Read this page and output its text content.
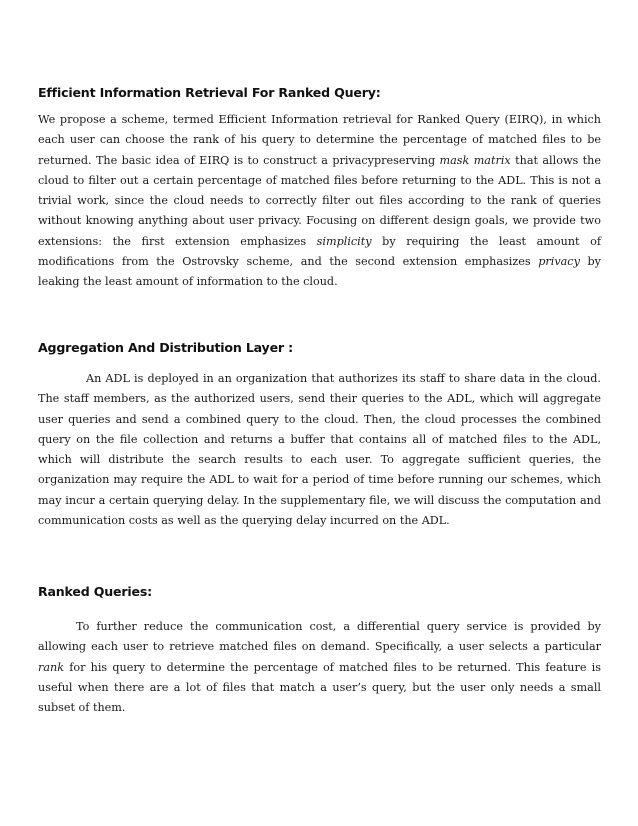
Efficient Information Retrieval For Ranked Query:

We propose a scheme, termed Efficient Information retrieval for Ranked Query (EIRQ), in which each user can choose the rank of his query to determine the percentage of matched files to be returned. The basic idea of EIRQ is to construct a privacypreserving mask matrix that allows the cloud to filter out a certain percentage of matched files before returning to the ADL. This is not a trivial work, since the cloud needs to correctly filter out files according to the rank of queries without knowing anything about user privacy. Focusing on different design goals, we provide two extensions: the first extension emphasizes simplicity by requiring the least amount of modifications from the Ostrovsky scheme, and the second extension emphasizes privacy by leaking the least amount of information to the cloud.

Aggregation And Distribution Layer :

An ADL is deployed in an organization that authorizes its staff to share data in the cloud. The staff members, as the authorized users, send their queries to the ADL, which will aggregate user queries and send a combined query to the cloud. Then, the cloud processes the combined query on the file collection and returns a buffer that contains all of matched files to the ADL, which will distribute the search results to each user. To aggregate sufficient queries, the organization may require the ADL to wait for a period of time before running our schemes, which may incur a certain querying delay. In the supplementary file, we will discuss the computation and communication costs as well as the querying delay incurred on the ADL.

Ranked Queries:

To further reduce the communication cost, a differential query service is provided by allowing each user to retrieve matched files on demand. Specifically, a user selects a particular rank for his query to determine the percentage of matched files to be returned. This feature is useful when there are a lot of files that match a user’s query, but the user only needs a small subset of them.
